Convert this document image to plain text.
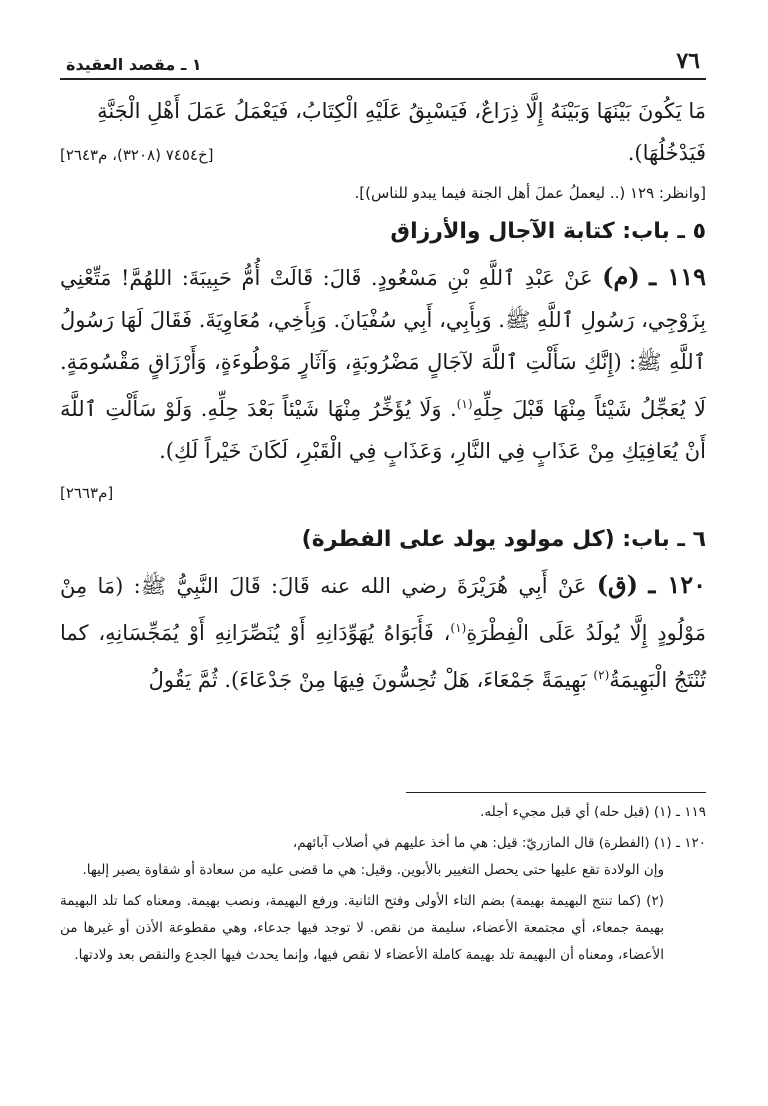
٧٦
١ ـ مقصد العقيدة

مَا يَكُونَ بَيْنَهَا وَبَيْنَهُ إِلَّا ذِرَاعٌ، فَيَسْبِقُ عَلَيْهِ الْكِتَابُ، فَيَعْمَلُ عَمَلَ أَهْلِ الْجَنَّةِ

فَيَدْخُلُهَا).
[خ٧٤٥٤ (٣٢٠٨)، م٢٦٤٣]
[وانظر: ١٢٩ (.. ليعملُ عملَ أهل الجنة فيما يبدو للناس)].
٥ ـ باب: كتابة الآجال والأرزاق

١١٩ ـ (م) عَنْ عَبْدِ ٱللَّهِ بْنِ مَسْعُودٍ. قَالَ: قَالَتْ أُمُّ حَبِيبَةَ: اللهُمَّ! مَتِّعْنِي بِزَوْجِي، رَسُولِ ٱللَّهِ ﷺ. وَبِأَبِي، أَبِي سُفْيَانَ. وَبِأَخِي، مُعَاوِيَةَ. فَقَالَ لَهَا رَسُولُ ٱللَّهِ ﷺ: (إِنَّكِ سَأَلْتِ ٱللَّهَ لآجَالٍ مَضْرُوبَةٍ، وَآثَارٍ مَوْطُوءَةٍ، وَأَرْزَاقٍ مَقْسُومَةٍ. لَا يُعَجِّلُ شَيْئاً مِنْهَا قَبْلَ حِلِّهِ$^{(١)}$. وَلَا يُؤَخِّرُ مِنْهَا شَيْئاً بَعْدَ حِلِّهِ. وَلَوْ سَأَلْتِ ٱللَّهَ أَنْ يُعَافِيَكِ مِنْ عَذَابٍ فِي النَّارِ، وَعَذَابٍ فِي الْقَبْرِ، لَكَانَ خَيْراً لَكِ).

[م٢٦٦٣]
٦ ـ باب: (كل مولود يولد على الفطرة)

١٢٠ ـ (ق) عَنْ أَبِي هُرَيْرَةَ رضي الله عنه قَالَ: قَالَ النَّبِيُّ ﷺ: (مَا مِنْ مَوْلُودٍ إِلَّا يُولَدُ عَلَى الْفِطْرَةِ$^{(١)}$، فَأَبَوَاهُ يُهَوِّدَانِهِ أَوْ يُنَصِّرَانِهِ أَوْ يُمَجِّسَانِهِ، كما تُنْتَجُ الْبَهِيمَةُ$^{(٢)}$ بَهِيمَةً جَمْعَاءَ، هَلْ تُحِسُّونَ فِيهَا مِنْ جَدْعَاءَ). ثُمَّ يَقُولُ

١١٩ ـ (١) (قبل حله) أي قبل مجيء أجله.

١٢٠ ـ (١) (الفطرة) قال المازريّ: قيل: هي ما أخذ عليهم في أصلاب آبائهم،
وإن الولادة تقع عليها حتى يحصل التغيير بالأبوين. وقيل: هي ما قضى عليه من سعادة أو شقاوة يصير إليها.

(٢) (كما تنتج البهيمة بهيمة) بضم التاء الأولى وفتح الثانية. ورفع البهيمة، ونصب بهيمة. ومعناه كما تلد البهيمة بهيمة جمعاء، أي مجتمعة الأعضاء، سليمة من نقص. لا توجد فيها جدعاء، وهي مقطوعة الأذن أو غيرها من الأعضاء، ومعناه أن البهيمة تلد بهيمة كاملة الأعضاء لا نقص فيها، وإنما يحدث فيها الجدع والنقص بعد ولادتها.
